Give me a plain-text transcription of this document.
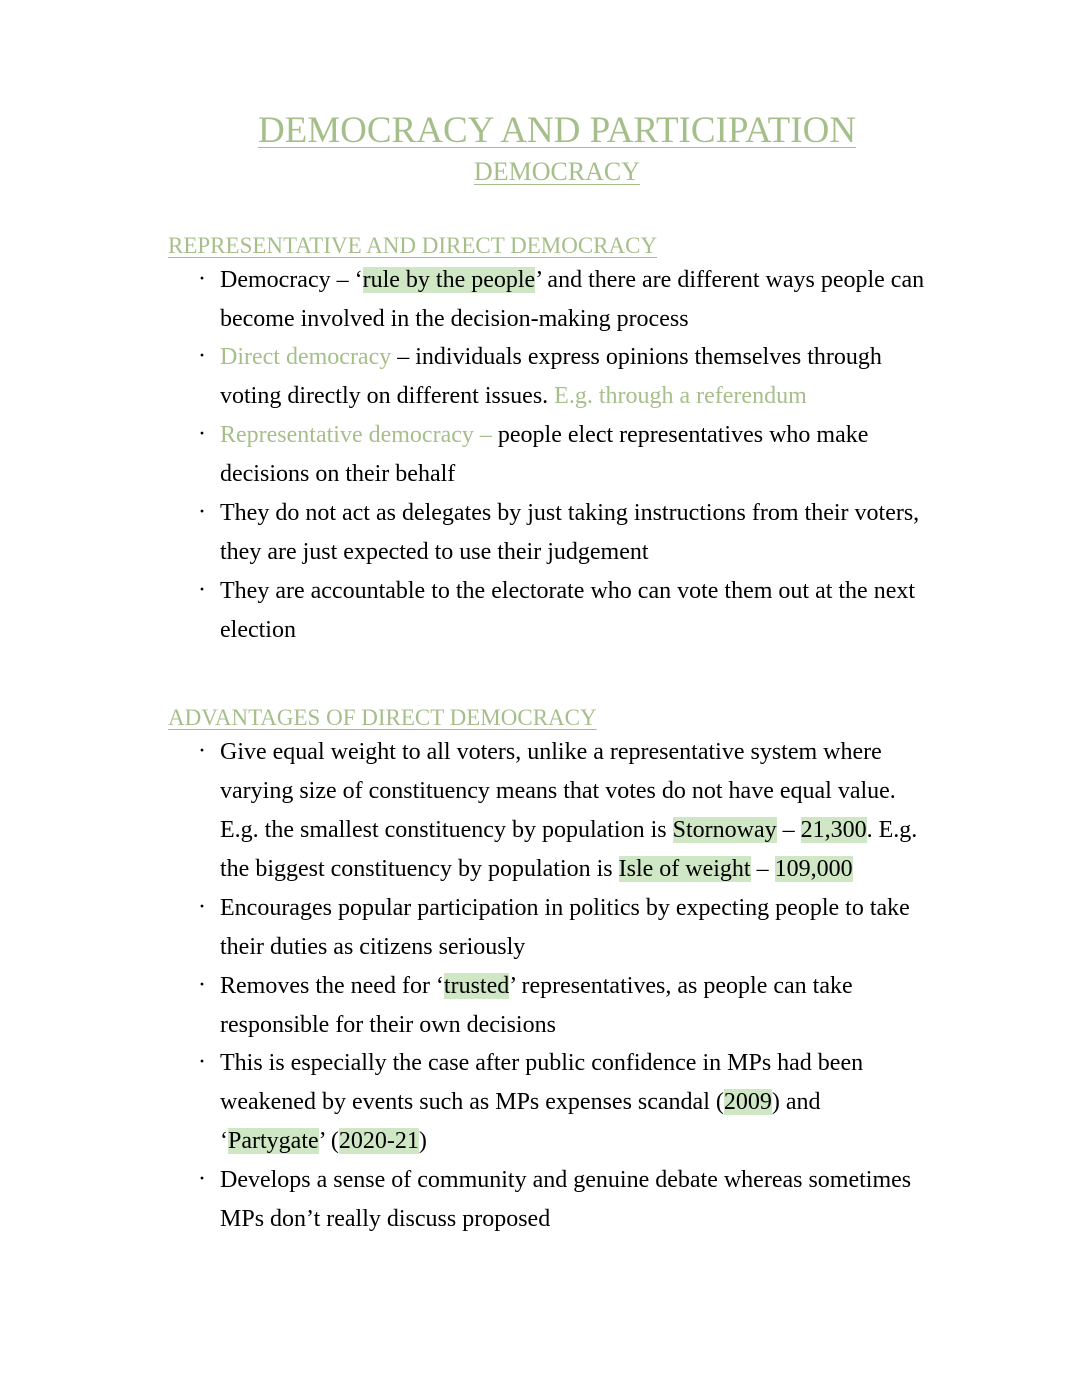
DEMOCRACY AND PARTICIPATION
DEMOCRACY
REPRESENTATIVE AND DIRECT DEMOCRACY
· Democracy – ‘rule by the people’ and there are different ways people can become involved in the decision-making process
· Direct democracy – individuals express opinions themselves through voting directly on different issues. E.g. through a referendum
· Representative democracy – people elect representatives who make decisions on their behalf
· They do not act as delegates by just taking instructions from their voters, they are just expected to use their judgement
· They are accountable to the electorate who can vote them out at the next election
ADVANTAGES OF DIRECT DEMOCRACY
· Give equal weight to all voters, unlike a representative system where varying size of constituency means that votes do not have equal value. E.g. the smallest constituency by population is Stornoway – 21,300. E.g. the biggest constituency by population is Isle of weight – 109,000
· Encourages popular participation in politics by expecting people to take their duties as citizens seriously
· Removes the need for ‘trusted’ representatives, as people can take responsible for their own decisions
· This is especially the case after public confidence in MPs had been weakened by events such as MPs expenses scandal (2009) and ‘Partygate’ (2020-21)
· Develops a sense of community and genuine debate whereas sometimes MPs don’t really discuss proposed
